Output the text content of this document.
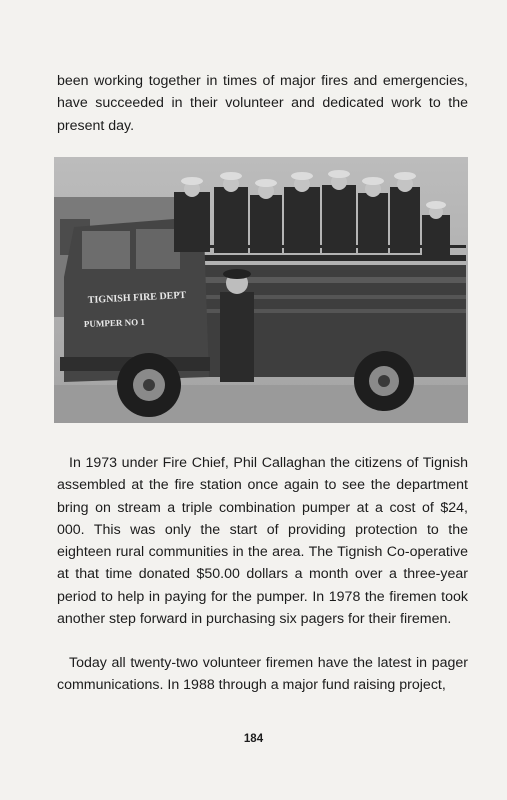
been working together in times of major fires and emergencies, have succeeded in their volunteer and dedicated work to the present day.

TIGNISH FIRE DEPT
PUMPER NO 1

In 1973 under Fire Chief, Phil Callaghan the citizens of Tignish assembled at the fire station once again to see the department bring on stream a triple combination pumper at a cost of $24, 000. This was only the start of providing protection to the eighteen rural communities in the area. The Tignish Co-operative at that time donated $50.00 dollars a month over a three-year period to help in paying for the pumper. In 1978 the firemen took another step forward in purchasing six pagers for their firemen.

Today all twenty-two volunteer firemen have the latest in pager communications. In 1988 through a major fund raising project,

184
